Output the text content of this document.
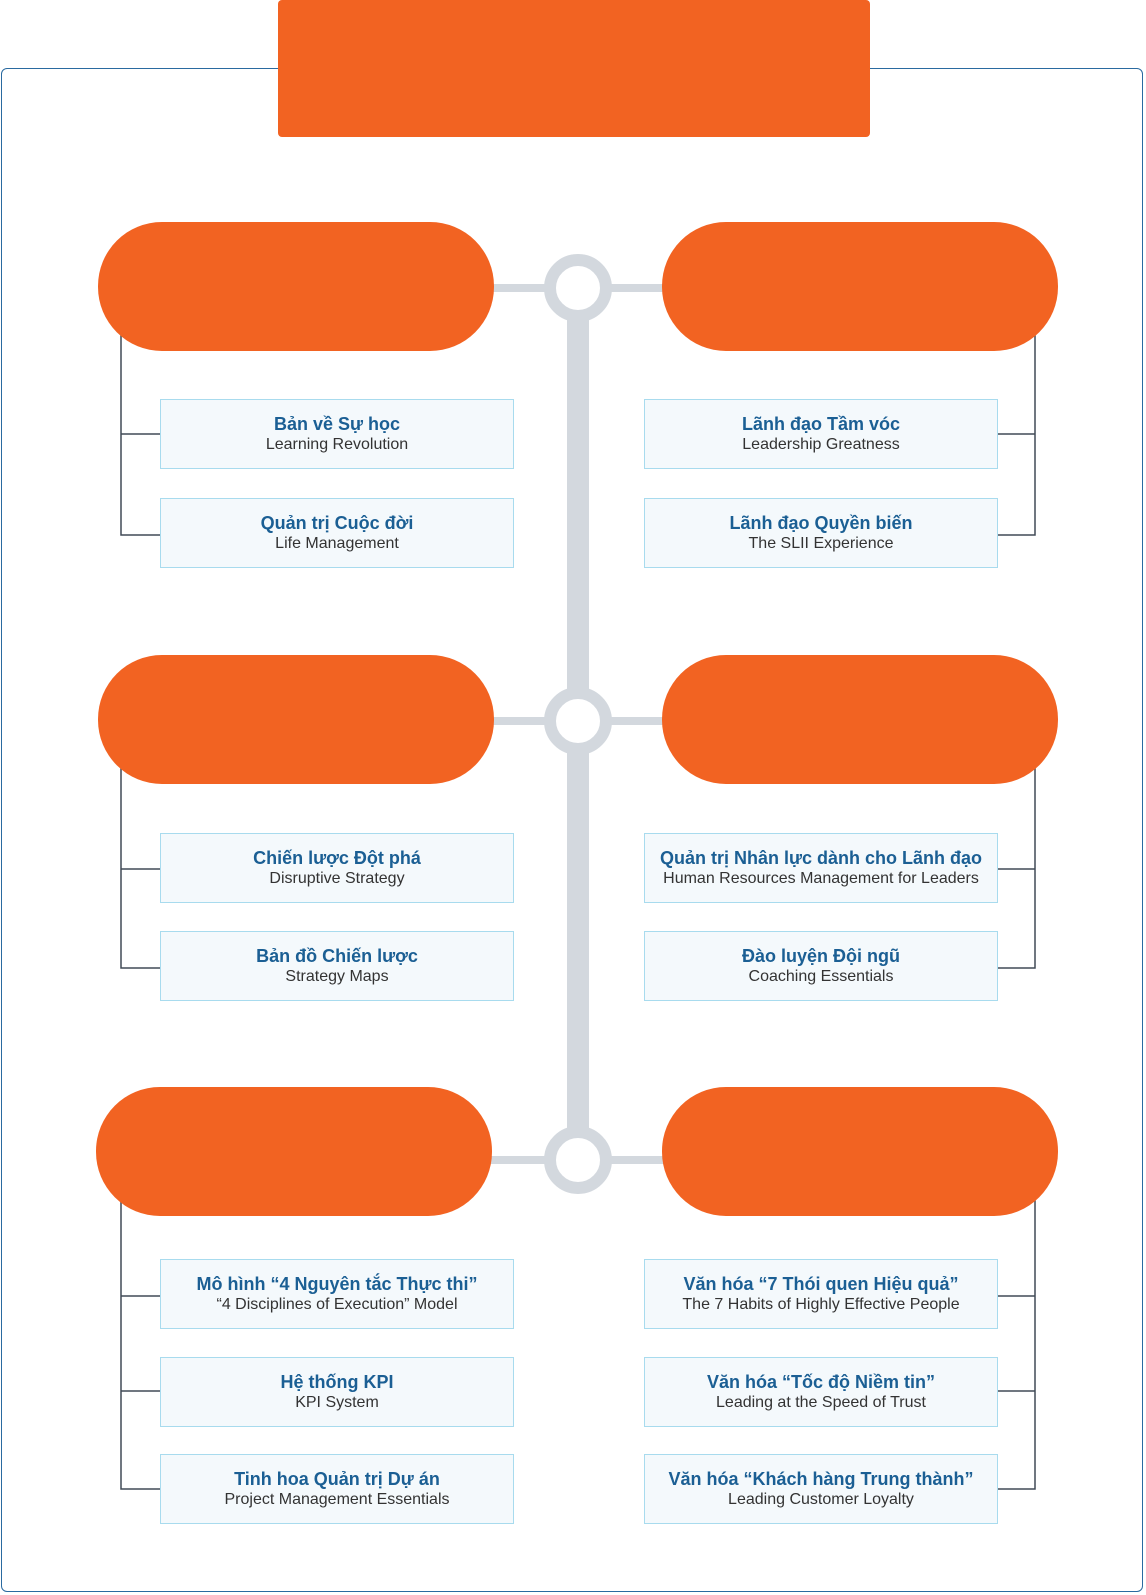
Bản về Sự học
Learning Revolution
Quản trị Cuộc đời
Life Management
Lãnh đạo Tầm vóc
Leadership Greatness
Lãnh đạo Quyền biến
The SLII Experience
Chiến lược Đột phá
Disruptive Strategy
Bản đồ Chiến lược
Strategy Maps
Quản trị Nhân lực dành cho Lãnh đạo
Human Resources Management for Leaders
Đào luyện Đội ngũ
Coaching Essentials
Mô hình “4 Nguyên tắc Thực thi”
“4 Disciplines of Execution” Model
Hệ thống KPI
KPI System
Tinh hoa Quản trị Dự án
Project Management Essentials
Văn hóa “7 Thói quen Hiệu quả”
The 7 Habits of Highly Effective People
Văn hóa “Tốc độ Niềm tin”
Leading at the Speed of Trust
Văn hóa “Khách hàng Trung thành”
Leading Customer Loyalty
